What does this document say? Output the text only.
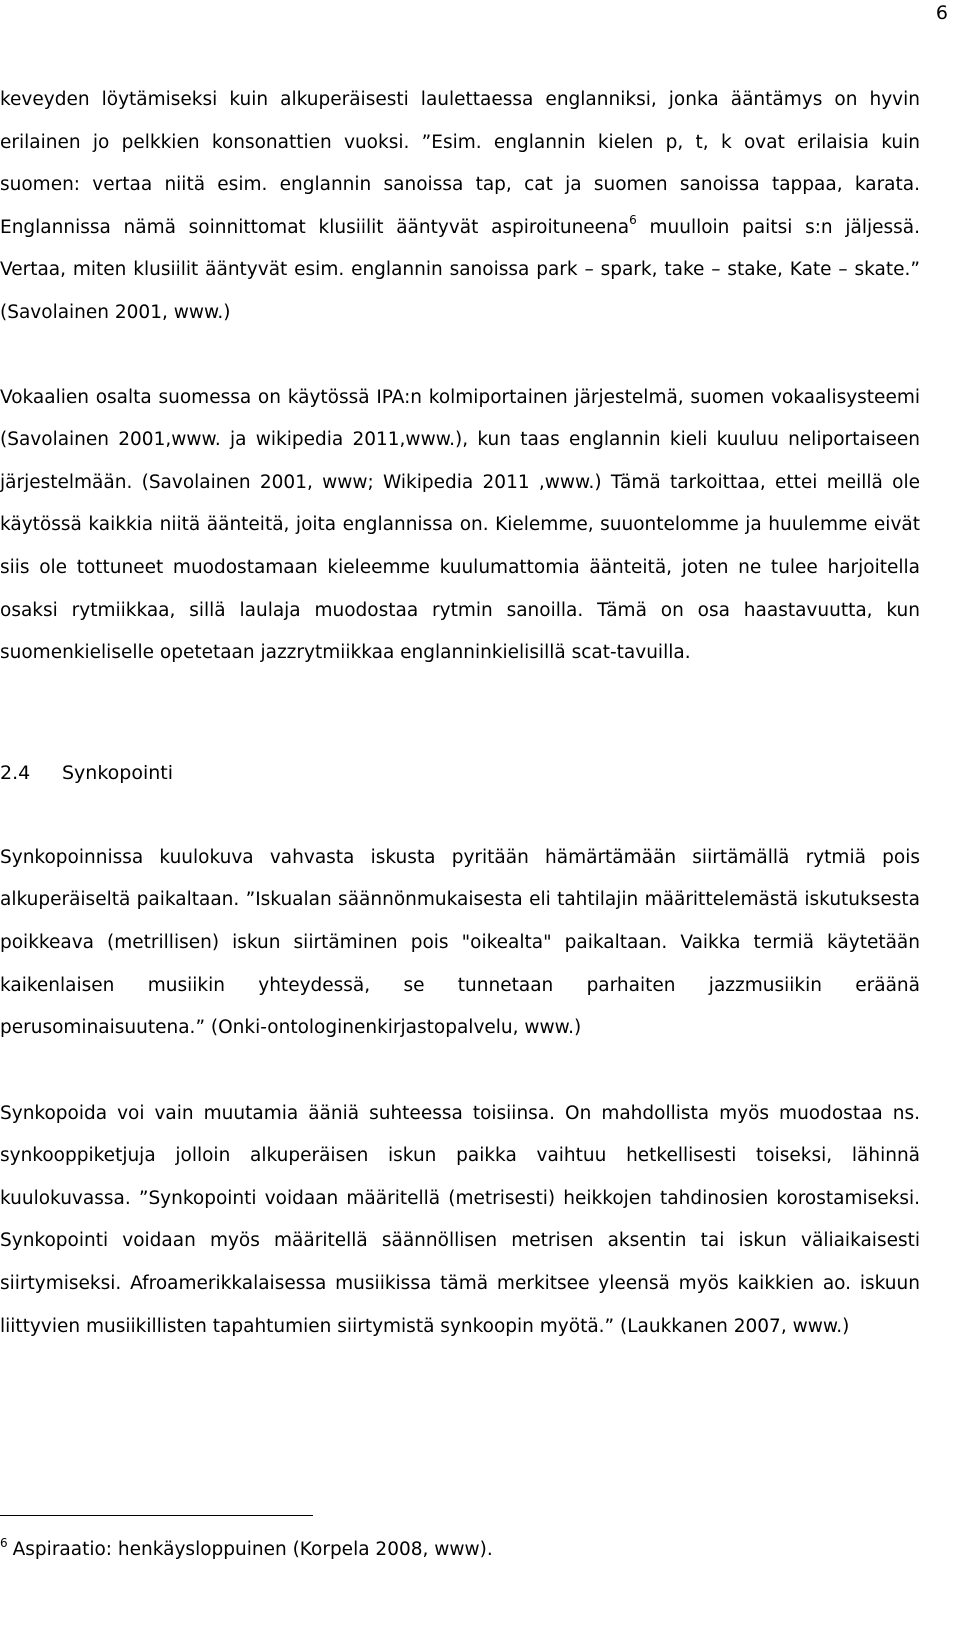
6

keveyden löytämiseksi kuin alkuperäisesti laulettaessa englanniksi, jonka ääntämys on hyvin erilainen jo pelkkien konsonattien vuoksi. ”Esim. englannin kielen p, t, k ovat erilaisia kuin suomen: vertaa niitä esim. englannin sanoissa tap, cat ja suomen sanoissa tappaa, karata. Englannissa nämä soinnittomat klusiilit ääntyvät aspiroituneena$^6$ muulloin paitsi s:n jäljessä. Vertaa, miten klusiilit ääntyvät esim. englannin sanoissa park – spark, take – stake, Kate – skate.” (Savolainen 2001, www.)

Vokaalien osalta suomessa on käytössä IPA:n kolmiportainen järjestelmä, suomen vokaalisysteemi (Savolainen 2001,www. ja wikipedia 2011,www.), kun taas englannin kieli kuuluu neliportaiseen järjestelmään. (Savolainen 2001, www; Wikipedia 2011 ,www.) Tämä tarkoittaa, ettei meillä ole käytössä kaikkia niitä äänteitä, joita englannissa on. Kielemme, suuontelomme ja huulemme eivät siis ole tottuneet muodostamaan kieleemme kuulumattomia äänteitä, joten ne tulee harjoitella osaksi rytmiikkaa, sillä laulaja muodostaa rytmin sanoilla. Tämä on osa haastavuutta, kun suomenkieliselle opetetaan jazzrytmiikkaa englanninkielisillä scat-tavuilla.

2.4 Synkopointi

Synkopoinnissa kuulokuva vahvasta iskusta pyritään hämärtämään siirtämällä rytmiä pois alkuperäiseltä paikaltaan. ”Iskualan säännönmukaisesta eli tahtilajin määrittelemästä iskutuksesta poikkeava (metrillisen) iskun siirtäminen pois "oikealta" paikaltaan. Vaikka termiä käytetään kaikenlaisen musiikin yhteydessä, se tunnetaan parhaiten jazzmusiikin eräänä perusominaisuutena.” (Onki-ontologinenkirjastopalvelu, www.)

Synkopoida voi vain muutamia ääniä suhteessa toisiinsa. On mahdollista myös muodostaa ns. synkooppiketjuja jolloin alkuperäisen iskun paikka vaihtuu hetkellisesti toiseksi, lähinnä kuulokuvassa. ”Synkopointi voidaan määritellä (metrisesti) heikkojen tahdinosien korostamiseksi. Synkopointi voidaan myös määritellä säännöllisen metrisen aksentin tai iskun väliaikaisesti siirtymiseksi. Afroamerikkalaisessa musiikissa tämä merkitsee yleensä myös kaikkien ao. iskuun liittyvien musiikillisten tapahtumien siirtymistä synkoopin myötä.” (Laukkanen 2007, www.)

$^6$ Aspiraatio: henkäysloppuinen (Korpela 2008, www).
